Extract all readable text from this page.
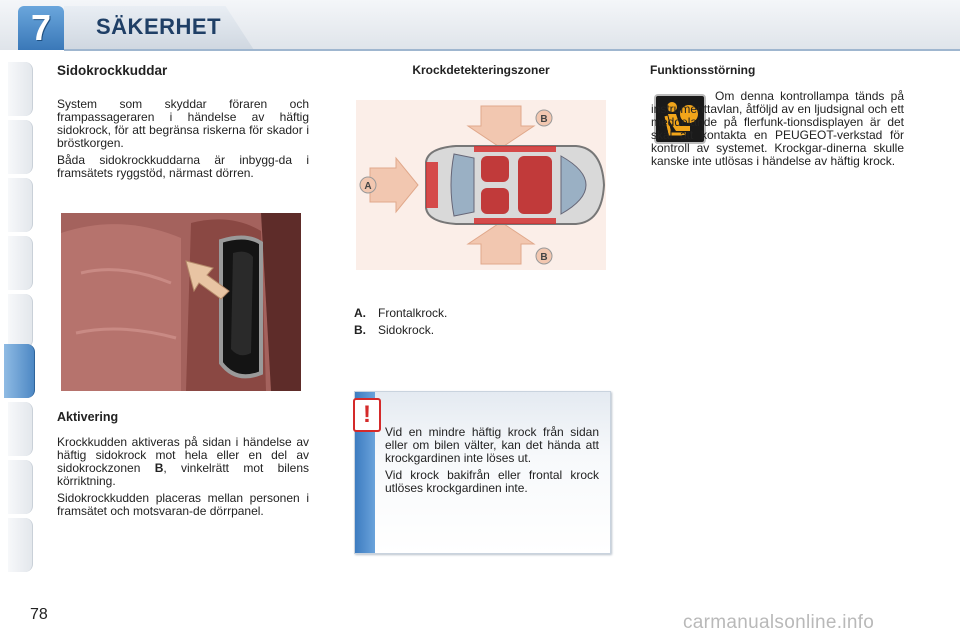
7	SÄKERHET
Sidokrockkuddar

System som skyddar föraren och frampassageraren i händelse av häftig sidokrock, för att begränsa riskerna för skador i bröstkorgen.

Båda sidokrockkuddarna är inbygg-da i framsätets ryggstöd, närmast dörren.

Aktivering

Krockkudden aktiveras på sidan i händelse av häftig sidokrock mot hela eller en del av sidokrockzonen B, vinkelrätt mot bilens körriktning.

Sidokrockkudden placeras mellan personen i framsätet och motsvaran-de dörrpanel.

Krockdetekteringszoner
A
B
B
A. Frontalkrock.
B. Sidokrock.
!

Vid en mindre häftig krock från sidan eller om bilen välter, kan det hända att krockgardinen inte löses ut.

Vid krock bakifrån eller frontal krock utlöses krockgardinen inte.

Funktionsstörning

Om denna kontrollampa tänds på instrumenttavlan, åtföljd av en ljudsignal och ett meddelande på flerfunk-tionsdisplayen är det skäl att kontakta en PEUGEOT-verkstad för kontroll av systemet. Krockgar-dinerna skulle kanske inte utlösas i händelse av häftig krock.

78	carmanualsonline.info
